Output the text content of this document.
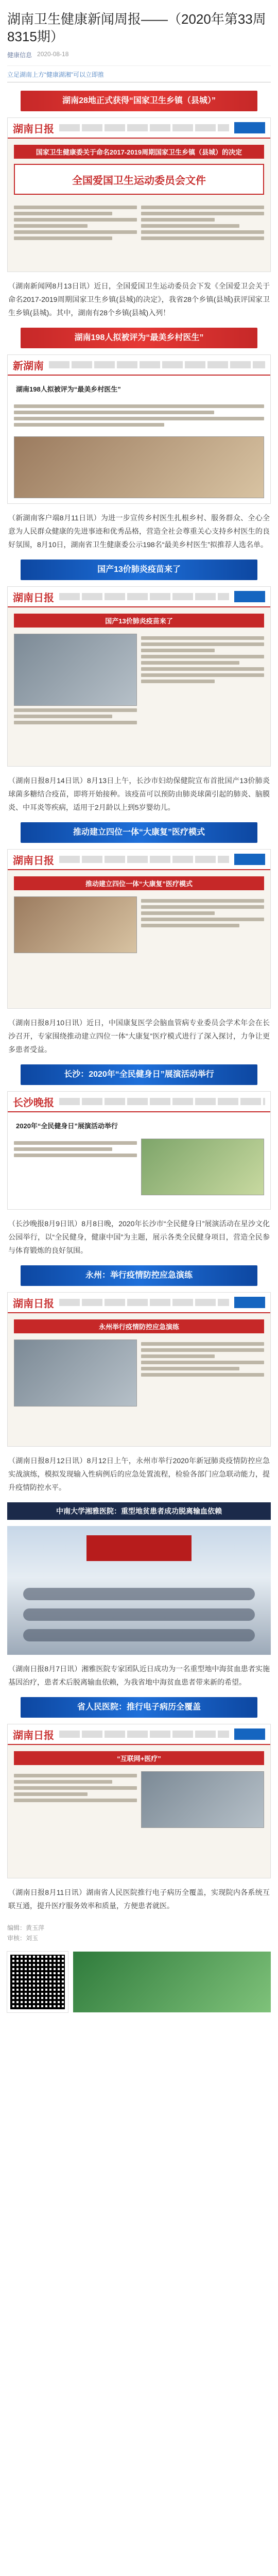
湖南卫生健康新闻周报——（2020年第33周8315期）
健康信息 2020-08-18
立足湖南上方“健康湖湘”可以立即推
湖南28地正式获得“国家卫生乡镇（县城）”
湖南日报
国家卫生健康委关于命名2017-2019周期国家卫生乡镇（县城）的决定
全国爱国卫生运动委员会文件
（湖南新闻网8月13日讯）近日，全国爱国卫生运动委员会下发《全国爱卫会关于命名2017-2019周期国家卫生乡镇(县城)的决定》，我省28个乡镇(县城)获评国家卫生乡镇(县城)。其中，湖南有28个乡镇(县城)入列！
湖南198人拟被评为“最美乡村医生”
新湖南
湖南198人拟被评为“最美乡村医生”
（新湖南客户端8月11日讯）为进一步宣传乡村医生扎根乡村、服务群众、全心全意为人民群众健康的先进事迹和优秀品格，营造全社会尊重关心支持乡村医生的良好氛围，8月10日，湖南省卫生健康委公示198名“最美乡村医生”拟推荐人选名单。
国产13价肺炎疫苗来了
湖南日报
国产13价肺炎疫苗来了
（湖南日报8月14日讯）8月13日上午，长沙市妇幼保健院宣布首批国产13价肺炎球菌多糖结合疫苗，即将开始接种。该疫苗可以预防由肺炎球菌引起的肺炎、脑膜炎、中耳炎等疾病，适用于2月龄以上到5岁婴幼儿。
推动建立四位一体“大康复”医疗模式
湖南日报
推动建立四位一体“大康复”医疗模式
（湖南日报8月10日讯）近日，中国康复医学会脑血管病专业委员会学术年会在长沙召开，专家围绕推动建立四位一体“大康复”医疗模式进行了深入探讨，力争让更多患者受益。
长沙：2020年“全民健身日”展演活动举行
长沙晚报
2020年“全民健身日”展演活动举行
（长沙晚报8月9日讯）8月8日晚，2020年长沙市“全民健身日”展演活动在星沙文化公园举行，以“全民健身，健康中国”为主题，展示各类全民健身项目，营造全民参与体育锻炼的良好氛围。
永州：举行疫情防控应急演练
湖南日报
永州举行疫情防控应急演练
（湖南日报8月12日讯）8月12日上午，永州市举行2020年新冠肺炎疫情防控应急实战演练，模拟发现输入性病例后的应急处置流程，检验各部门应急联动能力，提升疫情防控水平。
中南大学湘雅医院：重型地贫患者成功脱离输血依赖
（湖南日报8月7日讯）湘雅医院专家团队近日成功为一名重型地中海贫血患者实施基因治疗，患者术后脱离输血依赖，为我省地中海贫血患者带来新的希望。
省人民医院：推行电子病历全覆盖
湖南日报
“互联网+医疗”
（湖南日报8月11日讯）湖南省人民医院推行电子病历全覆盖，实现院内各系统互联互通，提升医疗服务效率和质量，方便患者就医。
编辑：黄玉萍
审核：刘玉
